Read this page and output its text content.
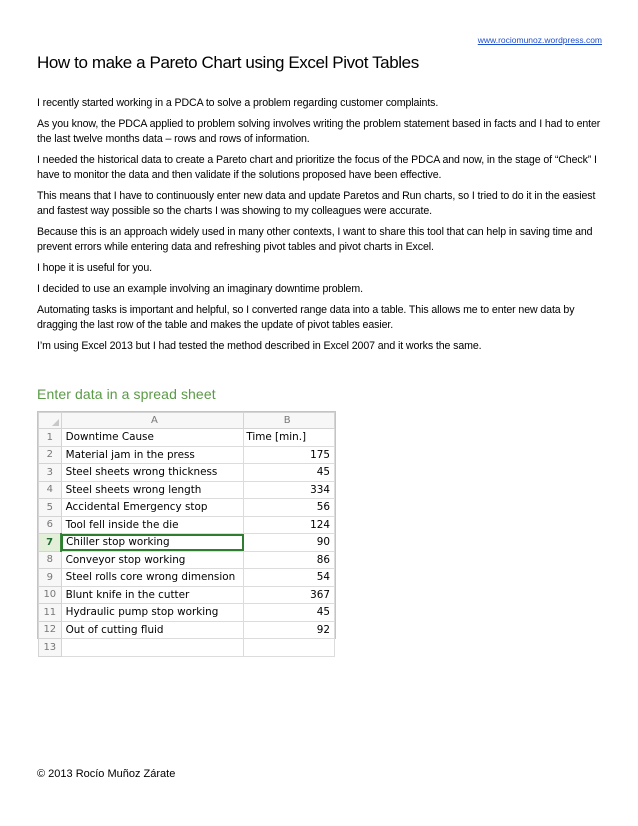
www.rociomunoz.wordpress.com
How to make a Pareto Chart using Excel Pivot Tables

I recently started working in a PDCA to solve a problem regarding customer complaints.

As you know, the PDCA applied to problem solving involves writing the problem statement based in facts and I had to enter the last twelve months data – rows and rows of information.

I needed the historical data to create a Pareto chart and prioritize the focus of the PDCA and now, in the stage of “Check” I have to monitor the data and then validate if the solutions proposed have been effective.

This means that I have to continuously enter new data and update Paretos and Run charts, so I tried to do it in the easiest and fastest way possible so the charts I was showing to my colleagues were accurate.

Because this is an approach widely used in many other contexts, I want to share this tool that can help in saving time and prevent errors while entering data and refreshing pivot tables and pivot charts in Excel.

I hope it is useful for you.

I decided to use an example involving an imaginary downtime problem.

Automating tasks is important and helpful, so I converted range data into a table. This allows me to enter new data by dragging the last row of the table and makes the update of pivot tables easier.

I’m using Excel 2013 but I had tested the method described in Excel 2007 and it works the same.

Enter data in a spread sheet
	A	B
1	Downtime Cause	Time [min.]
2	Material jam in the press	175
3	Steel sheets wrong thickness	45
4	Steel sheets wrong length	334
5	Accidental Emergency stop	56
6	Tool fell inside the die	124
7	Chiller stop working	90
8	Conveyor stop working	86
9	Steel rolls core wrong dimension	54
10	Blunt knife in the cutter	367
11	Hydraulic pump stop working	45
12	Out of cutting fluid	92
13		
© 2013 Rocío Muñoz Zárate
